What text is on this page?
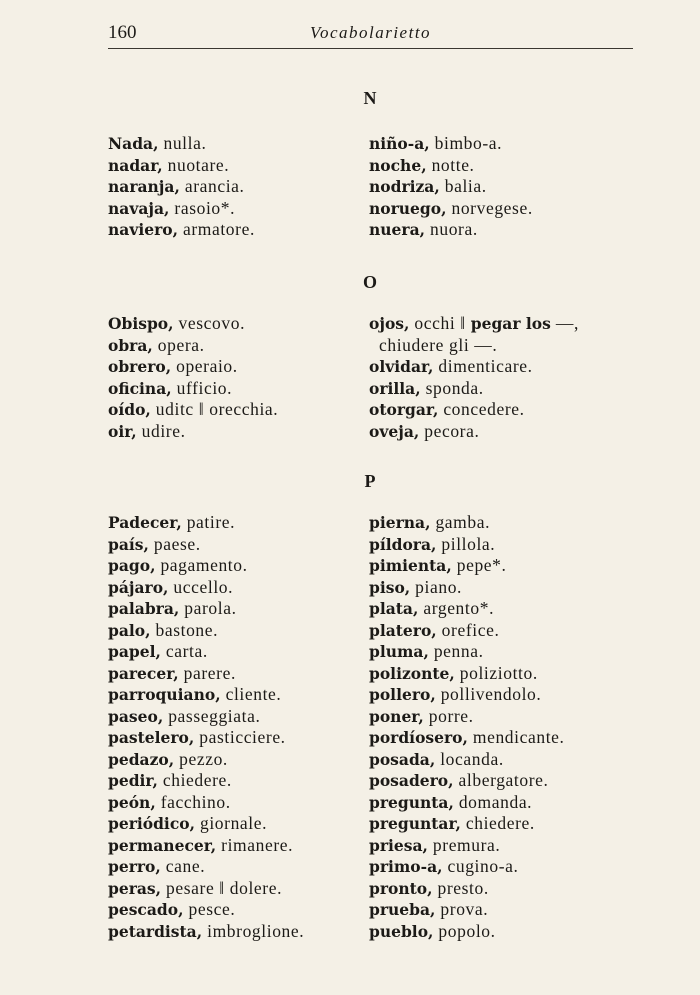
160	Vocabolarietto
N
Nada, nulla.
nadar, nuotare.
naranja, arancia.
navaja, rasoio*.
naviero, armatore.
niño-a, bimbo-a.
noche, notte.
nodriza, balia.
noruego, norvegese.
nuera, nuora.
O
Obispo, vescovo.
obra, opera.
obrero, operaio.
oficina, ufficio.
oído, uditc ‖ orecchia.
oir, udire.
ojos, occhi ‖ pegar los —,
chiudere gli —.
olvidar, dimenticare.
orilla, sponda.
otorgar, concedere.
oveja, pecora.
P
Padecer, patire.
país, paese.
pago, pagamento.
pájaro, uccello.
palabra, parola.
palo, bastone.
papel, carta.
parecer, parere.
parroquiano, cliente.
paseo, passeggiata.
pastelero, pasticciere.
pedazo, pezzo.
pedir, chiedere.
peón, facchino.
periódico, giornale.
permanecer, rimanere.
perro, cane.
peras, pesare ‖ dolere.
pescado, pesce.
petardista, imbroglione.
pierna, gamba.
píldora, pillola.
pimienta, pepe*.
piso, piano.
plata, argento*.
platero, orefice.
pluma, penna.
polizonte, poliziotto.
pollero, pollivendolo.
poner, porre.
pordíosero, mendicante.
posada, locanda.
posadero, albergatore.
pregunta, domanda.
preguntar, chiedere.
priesa, premura.
primo-a, cugino-a.
pronto, presto.
prueba, prova.
pueblo, popolo.
